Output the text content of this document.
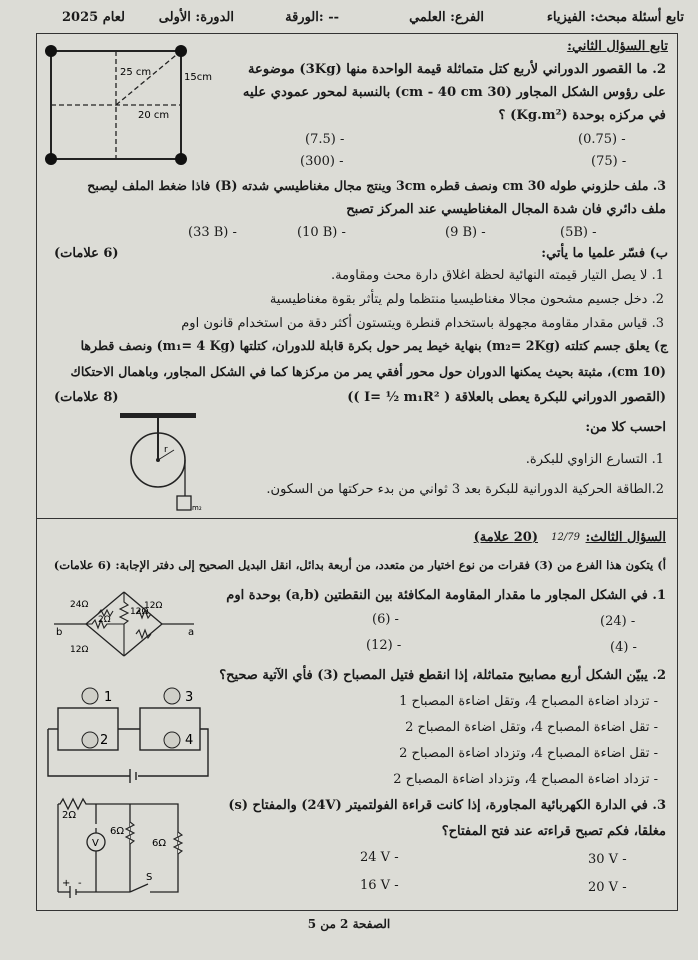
تابع أسئلة مبحث: الفيزياء
الفرع: العلمي
الورقة: --
الدورة: الأولى
لعام 2025
تابع السؤال الثاني:
25 cm	15cm
20 cm
2. ما القصور الدوراني لأربع كتل متماثلة قيمة الواحدة منها (3Kg) موضوعة
على رؤوس الشكل المجاور (30 cm - 40 cm) بالنسبة لمحور عمودي عليه
في مركزه بوحدة (Kg.m²) ؟
(0.75) -
(7.5) -
(75) -
(300) -
3. ملف حلزوني طوله 30 cm ونصف قطره 3cm وينتج مجال مغناطيسي شدته (B) فاذا ضغط الملف ليصبح
ملف دائري فان شدة المجال المغناطيسي عند المركز تصبح
(5B) -
(9 B) -
(10 B) -
(33 B) -
ب) فسّر علميا ما يأتي:
(6 علامات)
1. لا يصل التيار قيمته النهائية لحظة اغلاق دارة محث ومقاومة.
2. دخل جسيم مشحون مجالا مغناطيسيا منتظما ولم يتأثر بقوة مغناطيسية
3. قياس مقدار مقاومة مجهولة باستخدام قنطرة ويتستون أكثر دقة من استخدام قانون اوم
ج) يعلق جسم كتلته (m₂= 2Kg) بنهاية خيط يمر حول بكرة قابلة للدوران، كتلتها (m₁= 4 Kg) ونصف قطرها
(10 cm)، مثبتة بحيث يمكنها الدوران حول محور أفقي يمر من مركزها كما في الشكل المجاور، وباهمال الاحتكاك
(القصور الدوراني للبكرة يعطى بالعلاقة ( I= ½ m₁R² ))
(8 علامات)
احسب كلا من:
1. التسارع الزاوي للبكرة.
2.الطاقة الحركية الدورانية للبكرة بعد 3 ثواني من بدء حركتها من السكون.
r
m₂
السؤال الثالث:
12/79
(20 علامة)
أ) يتكون هذا الفرع من (3) فقرات من نوع اختيار من متعدد، من أربعة بدائل، انقل البديل الصحيح إلى دفتر الإجابة: (6 علامات)
1. في الشكل المجاور ما مقدار المقاومة المكافئة بين النقطتين (a,b) بوحدة اوم
(24) -
(6) -
(4) -
(12) -
24Ω
2Ω
12Ω
12Ω
12Ω
b	a
2. يبيّن الشكل أربع مصابيح متماثلة، إذا انقطع فتيل المصباح (3) فأي الآتية صحيح؟
- تزداد اضاءة المصباح 4، وتقل اضاءة المصباح 1
- تقل اضاءة المصباح 4، وتقل اضاءة المصباح 2
- تقل اضاءة المصباح 4، وتزداد اضاءة المصباح 2
- تزداد اضاءة المصباح 4، وتزداد اضاءة المصباح 2
1
2
3
4
3. في الدارة الكهربائية المجاورة، إذا كانت قراءة الفولتميتر (24V) والمفتاح (s)
مغلقا، فكم تصبح قراءته عند فتح المفتاح؟
30 V -
24 V -
20 V -
16 V -
V
2Ω
6Ω
6Ω
S
+ -
الصفحة 2 من 5
